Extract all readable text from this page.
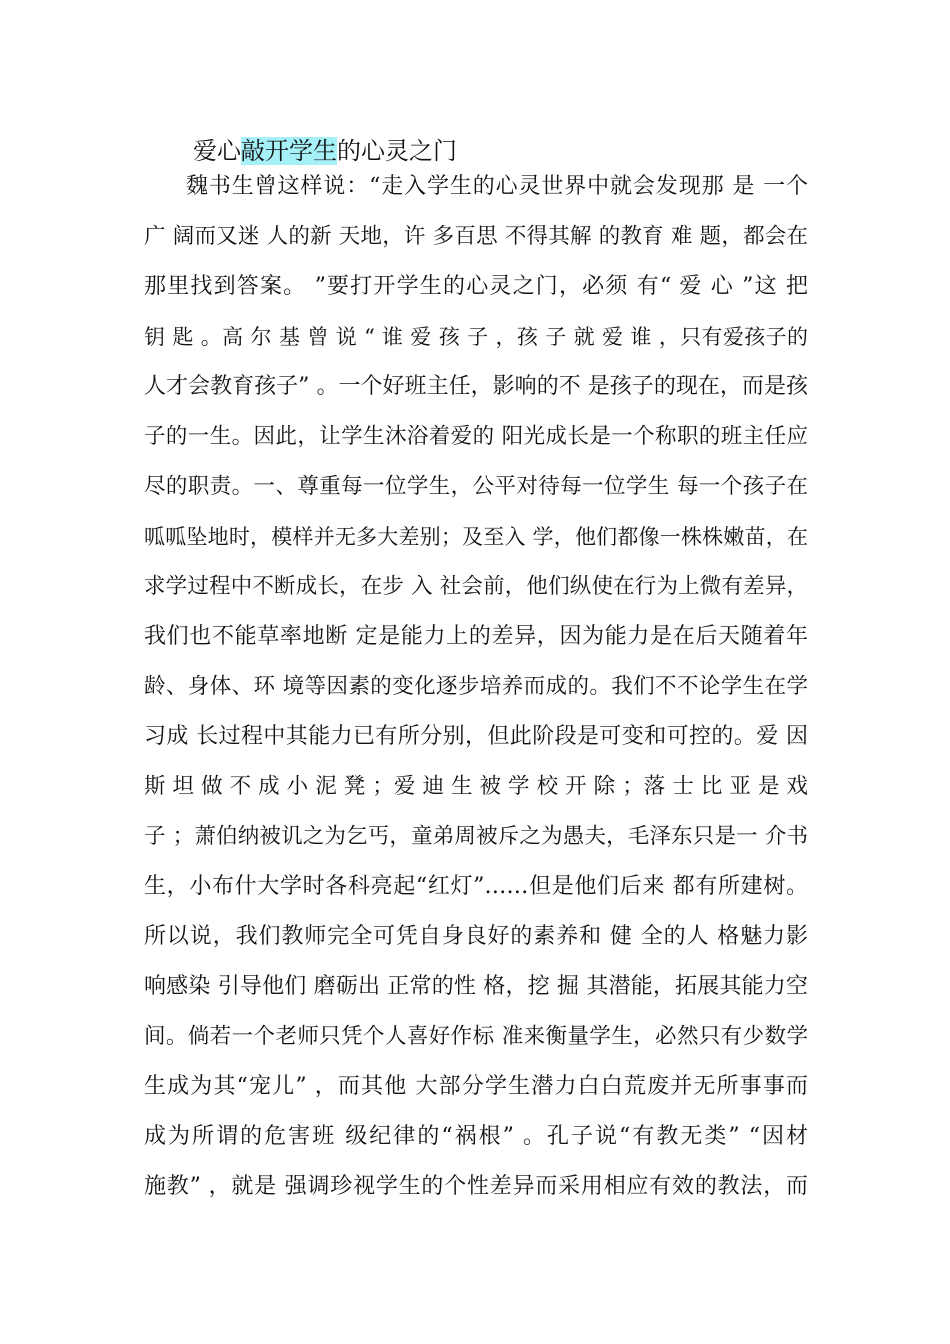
爱心敲开学生的心灵之门
魏书生曾这样说：“走入学生的心灵世界中就会发现那 是 一个
广 阔而又迷 人的新 天地，许 多百思 不得其解 的教育 难 题，都会在
那里找到答案。 ”要打开学生的心灵之门，必须 有“ 爱 心 ”这 把
钥 匙 。高 尔 基 曾 说 “ 谁 爱 孩 子 ，孩 子 就 爱 谁 ，只有爱孩子的
人才会教育孩子” 。一个好班主任，影响的不 是孩子的现在，而是孩
子的一生。因此，让学生沐浴着爱的 阳光成长是一个称职的班主任应
尽的职责。一、尊重每一位学生，公平对待每一位学生 每一个孩子在
呱呱坠地时，模样并无多大差别；及至入 学，他们都像一株株嫩苗，在
求学过程中不断成长，在步 入 社会前，他们纵使在行为上微有差异，
我们也不能草率地断 定是能力上的差异，因为能力是在后天随着年
龄、身体、环 境等因素的变化逐步培养而成的。我们不不论学生在学
习成 长过程中其能力已有所分别，但此阶段是可变和可控的。爱 因
斯 坦 做 不 成 小 泥 凳 ；爱 迪 生 被 学 校 开 除 ；落 士 比 亚 是 戏
子 ；萧伯纳被讥之为乞丐，童弟周被斥之为愚夫，毛泽东只是一 介书
生，小布什大学时各科亮起“红灯”……但是他们后来 都有所建树。
所以说，我们教师完全可凭自身良好的素养和 健 全的人 格魅力影
响感染 引导他们 磨砺出 正常的性 格，挖 掘 其潜能，拓展其能力空
间。倘若一个老师只凭个人喜好作标 准来衡量学生，必然只有少数学
生成为其“宠儿” ，而其他 大部分学生潜力白白荒废并无所事事而
成为所谓的危害班 级纪律的“祸根” 。孔子说“有教无类” “因材
施教” ，就是 强调珍视学生的个性差异而采用相应有效的教法，而
